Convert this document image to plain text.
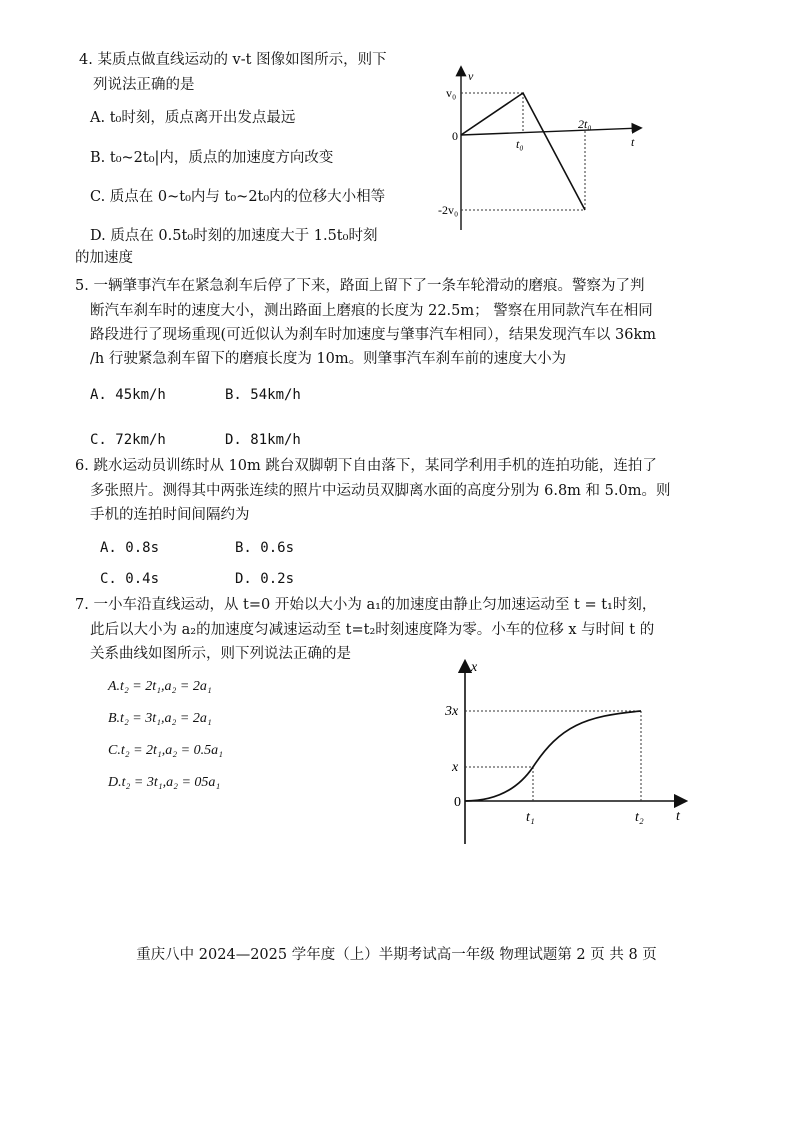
4. 某质点做直线运动的 v-t 图像如图所示，则下
列说法正确的是
A. t₀时刻，质点离开出发点最远
B. t₀~2t₀|内，质点的加速度方向改变
C. 质点在 0~t₀内与 t₀~2t₀内的位移大小相等
D. 质点在 0.5t₀时刻的加速度大于 1.5t₀时刻
的加速度
v
t
0
v₀
-2v₀
t₀
2t₀
5. 一辆肇事汽车在紧急刹车后停了下来，路面上留下了一条车轮滑动的磨痕。警察为了判
断汽车刹车时的速度大小，测出路面上磨痕的长度为 22.5m； 警察在用同款汽车在相同
路段进行了现场重现(可近似认为刹车时加速度与肇事汽车相同），结果发现汽车以 36km
/h 行驶紧急刹车留下的磨痕长度为 10m。则肇事汽车刹车前的速度大小为
A. 45km/h	B. 54km/h
C. 72km/h	D. 81km/h
6. 跳水运动员训练时从 10m 跳台双脚朝下自由落下，某同学利用手机的连拍功能，连拍了
多张照片。测得其中两张连续的照片中运动员双脚离水面的高度分别为 6.8m 和 5.0m。则
手机的连拍时间间隔约为
A. 0.8s	B. 0.6s
C. 0.4s	D. 0.2s
7. 一小车沿直线运动，从 t=0 开始以大小为 a₁的加速度由静止匀加速运动至 t = t₁时刻，
此后以大小为 a₂的加速度匀减速运动至 t=t₂时刻速度降为零。小车的位移 x 与时间 t 的
关系曲线如图所示，则下列说法正确的是
A.t₂ = 2t₁,a₂ = 2a₁
B.t₂ = 3t₁,a₂ = 2a₁
C.t₂ = 2t₁,a₂ = 0.5a₁
D.t₂ = 3t₁,a₂ = 05a₁
x
t
0
3x
x
t₁	t₂
重庆八中 2024—2025 学年度（上）半期考试高一年级 物理试题第 2 页 共 8 页
